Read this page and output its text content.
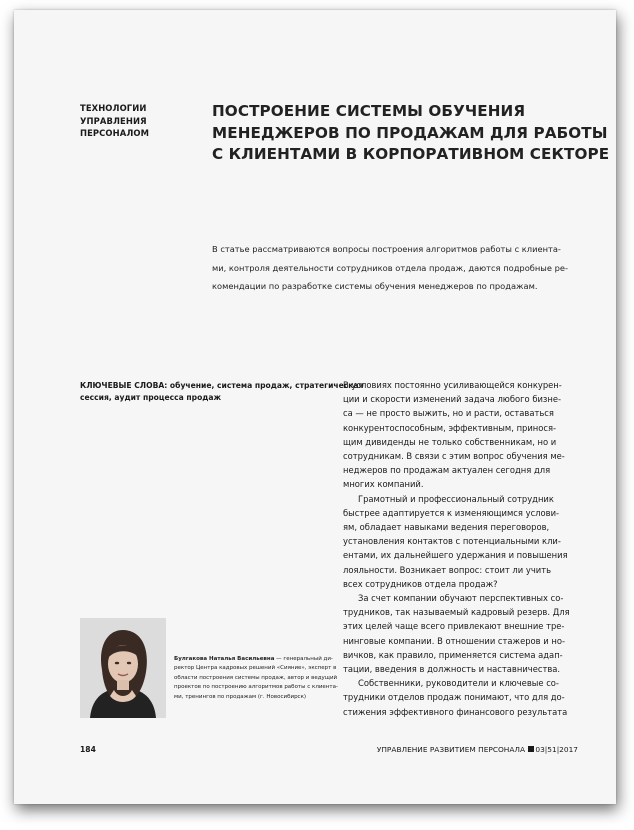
ТЕХНОЛОГИИ
УПРАВЛЕНИЯ
ПЕРСОНАЛОМ
ПОСТРОЕНИЕ СИСТЕМЫ ОБУЧЕНИЯ
МЕНЕДЖЕРОВ ПО ПРОДАЖАМ ДЛЯ РАБОТЫ
С КЛИЕНТАМИ В КОРПОРАТИВНОМ СЕКТОРЕ
В статье рассматриваются вопросы построения алгоритмов работы с клиента-
ми, контроля деятельности сотрудников отдела продаж, даются подробные ре-
комендации по разработке системы обучения менеджеров по продажам.
КЛЮЧЕВЫЕ СЛОВА: обучение, система продаж, стратегическая
сессия, аудит процесса продаж
В условиях постоянно усиливающейся конкурен-
ции и скорости изменений задача любого бизне-
са — не просто выжить, но и расти, оставаться
конкурентоспособным, эффективным, принося-
щим дивиденды не только собственникам, но и
сотрудникам. В связи с этим вопрос обучения ме-
неджеров по продажам актуален сегодня для
многих компаний.
Грамотный и профессиональный сотрудник
быстрее адаптируется к изменяющимся услови-
ям, обладает навыками ведения переговоров,
установления контактов с потенциальными кли-
ентами, их дальнейшего удержания и повышения
лояльности. Возникает вопрос: стоит ли учить
всех сотрудников отдела продаж?
За счет компании обучают перспективных со-
трудников, так называемый кадровый резерв. Для
этих целей чаще всего привлекают внешние тре-
нинговые компании. В отношении стажеров и но-
вичков, как правило, применяется система адап-
тации, введения в должность и наставничества.
Собственники, руководители и ключевые со-
трудники отделов продаж понимают, что для до-
стижения эффективного финансового результата
Булгакова Наталья Васильевна — генеральный ди-
ректор Центра кадровых решений «Сияние», эксперт в
области построения системы продаж, автор и ведущий
проектов по построению алгоритмов работы с клиента-
ми, тренингов по продажам (г. Новосибирск)
184	УПРАВЛЕНИЕ РАЗВИТИЕМ ПЕРСОНАЛА 03|51|2017
